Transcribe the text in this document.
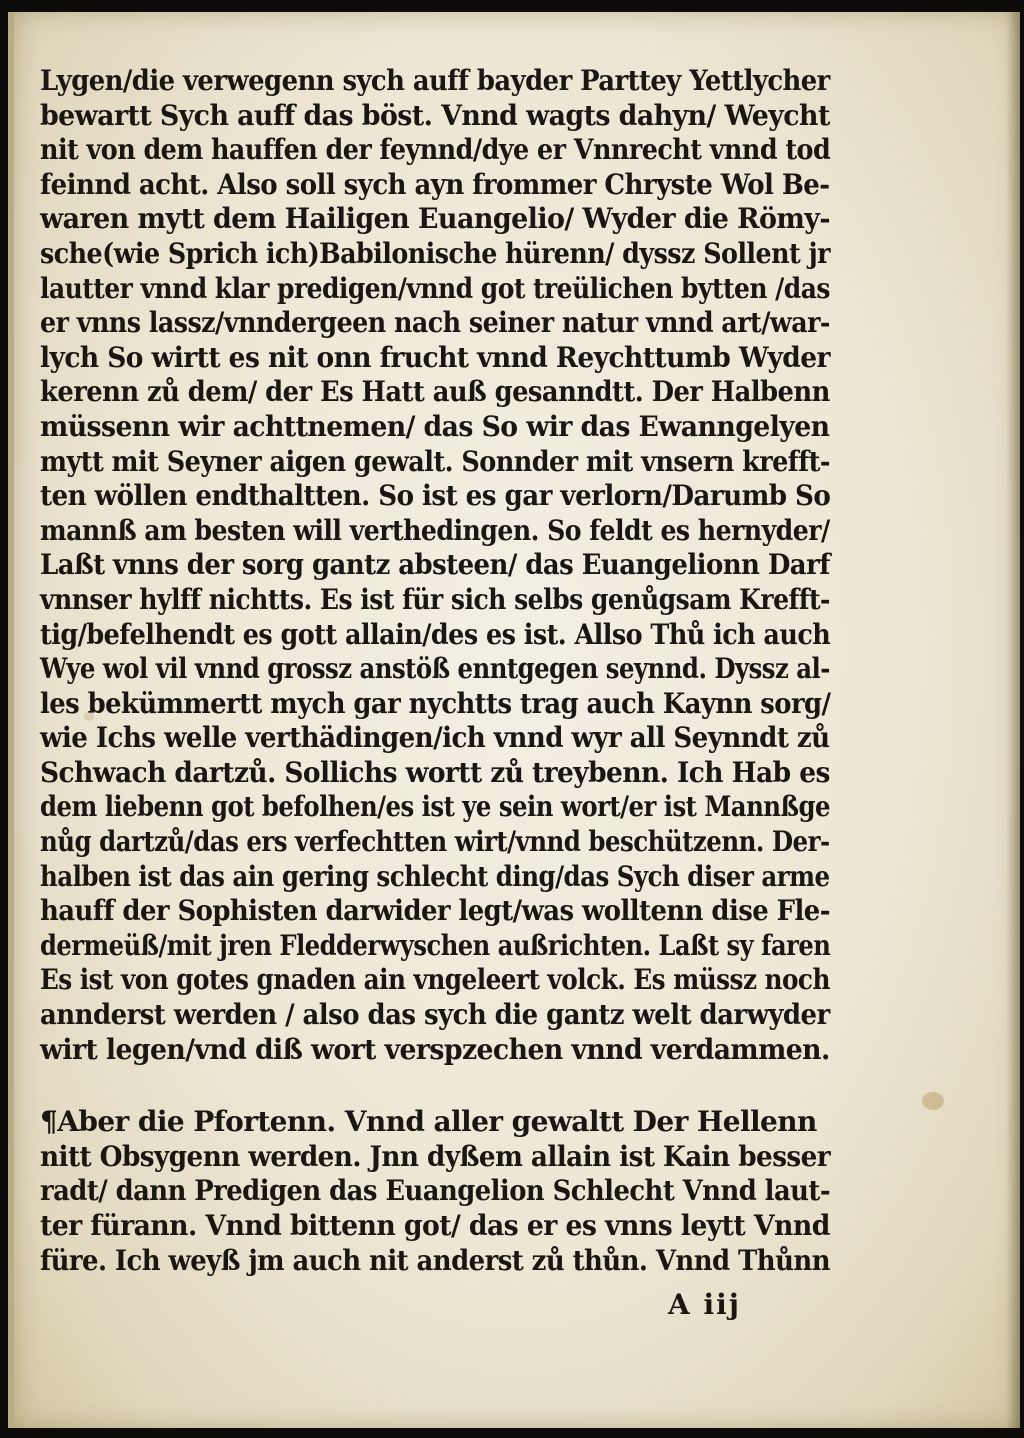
Lygen/die verwegenn sych auff bayder Parttey Yettlycher
bewartt Sych auff das böst. Vnnd wagts dahyn/ Weycht
nit von dem hauffen der feynnd/dye er Vnnrecht vnnd tod
feinnd acht. Also soll sych ayn frommer Chryste Wol Be-
waren mytt dem Hailigen Euangelio/ Wyder die Römy-
sche(wie Sprich ich)Babilonische hürenn/ dyssz Sollent jr
lautter vnnd klar predigen/vnnd got treülichen bytten /das
er vnns lassz/vnndergeen nach seiner natur vnnd art/war-
lych So wirtt es nit onn frucht vnnd Reychttumb Wyder
kerenn zů dem/ der Es Hatt auß gesanndtt. Der Halbenn
müssenn wir achttnemen/ das So wir das Ewanngelyen
mytt mit Seyner aigen gewalt. Sonnder mit vnsern krefft-
ten wöllen endthaltten. So ist es gar verlorn/Darumb So
mannß am besten will verthedingen. So feldt es hernyder/
Laßt vnns der sorg gantz absteen/ das Euangelionn Darf
vnnser hylff nichtts. Es ist für sich selbs genůgsam Krefft-
tig/befelhendt es gott allain/des es ist. Allso Thů ich auch
Wye wol vil vnnd grossz anstöß enntgegen seynnd. Dyssz al-
les bekümmertt mych gar nychtts trag auch Kaynn sorg/
wie Ichs welle verthädingen/ich vnnd wyr all Seynndt zů
Schwach dartzů. Sollichs wortt zů treybenn. Ich Hab es
dem liebenn got befolhen/es ist ye sein wort/er ist Mannßge
nůg dartzů/das ers verfechtten wirt/vnnd beschützenn. Der-
halben ist das ain gering schlecht ding/das Sych diser arme
hauff der Sophisten darwider legt/was wolltenn dise Fle-
dermeüß/mit jren Fledderwyschen außrichten. Laßt sy faren
Es ist von gotes gnaden ain vngeleert volck. Es müssz noch
annderst werden / also das sych die gantz welt darwyder
wirt legen/vnd diß wort verspzechen vnnd verdammen.
¶Aber die Pfortenn. Vnnd aller gewaltt Der Hellenn
nitt Obsygenn werden. Jnn dyßem allain ist Kain besser
radt/ dann Predigen das Euangelion Schlecht Vnnd laut-
ter fürann. Vnnd bittenn got/ das er es vnns leytt Vnnd
füre. Ich weyß jm auch nit anderst zů thůn. Vnnd Thůnn
A iij
